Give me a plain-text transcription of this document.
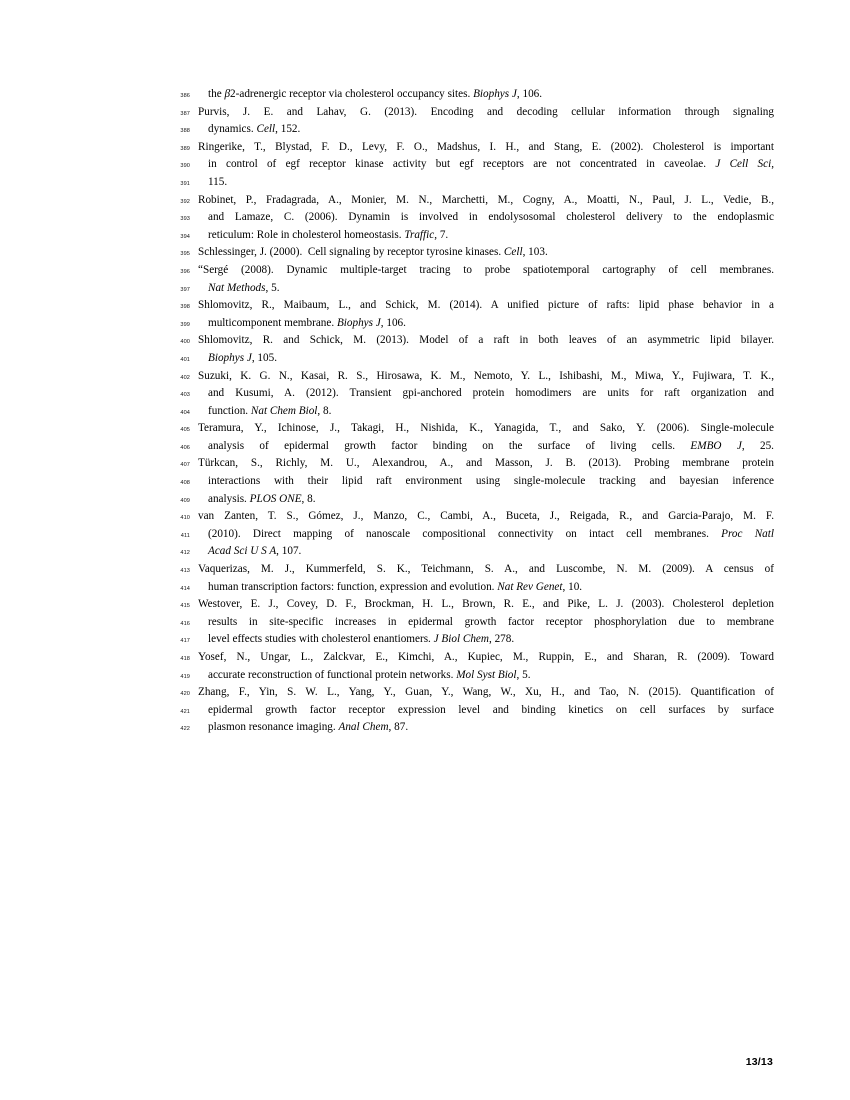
386	the β2-adrenergic receptor via cholesterol occupancy sites. Biophys J, 106.
387 Purvis, J. E. and Lahav, G. (2013). Encoding and decoding cellular information through signaling
388	dynamics. Cell, 152.
389 Ringerike, T., Blystad, F. D., Levy, F. O., Madshus, I. H., and Stang, E. (2002). Cholesterol is important
390	in control of egf receptor kinase activity but egf receptors are not concentrated in caveolae. J Cell Sci,
391	115.
392 Robinet, P., Fradagrada, A., Monier, M. N., Marchetti, M., Cogny, A., Moatti, N., Paul, J. L., Vedie, B.,
393	and Lamaze, C. (2006). Dynamin is involved in endolysosomal cholesterol delivery to the endoplasmic
394	reticulum: Role in cholesterol homeostasis. Traffic, 7.
395 Schlessinger, J. (2000).  Cell signaling by receptor tyrosine kinases. Cell, 103.
396 “Sergé (2008). Dynamic multiple-target tracing to probe spatiotemporal cartography of cell membranes.
397	Nat Methods, 5.
398 Shlomovitz, R., Maibaum, L., and Schick, M. (2014). A unified picture of rafts: lipid phase behavior in a
399	multicomponent membrane. Biophys J, 106.
400 Shlomovitz, R. and Schick, M. (2013). Model of a raft in both leaves of an asymmetric lipid bilayer.
401	Biophys J, 105.
402 Suzuki, K. G. N., Kasai, R. S., Hirosawa, K. M., Nemoto, Y. L., Ishibashi, M., Miwa, Y., Fujiwara, T. K.,
403	and Kusumi, A. (2012). Transient gpi-anchored protein homodimers are units for raft organization and
404	function. Nat Chem Biol, 8.
405 Teramura, Y., Ichinose, J., Takagi, H., Nishida, K., Yanagida, T., and Sako, Y. (2006). Single-molecule
406	analysis of epidermal growth factor binding on the surface of living cells. EMBO J, 25.
407 Türkcan, S., Richly, M. U., Alexandrou, A., and Masson, J. B. (2013). Probing membrane protein
408	interactions with their lipid raft environment using single-molecule tracking and bayesian inference
409	analysis. PLOS ONE, 8.
410 van Zanten, T. S., Gómez, J., Manzo, C., Cambi, A., Buceta, J., Reigada, R., and Garcia-Parajo, M. F.
411	(2010). Direct mapping of nanoscale compositional connectivity on intact cell membranes. Proc Natl
412	Acad Sci U S A, 107.
413 Vaquerizas, M. J., Kummerfeld, S. K., Teichmann, S. A., and Luscombe, N. M. (2009). A census of
414	human transcription factors: function, expression and evolution. Nat Rev Genet, 10.
415 Westover, E. J., Covey, D. F., Brockman, H. L., Brown, R. E., and Pike, L. J. (2003). Cholesterol depletion
416	results in site-specific increases in epidermal growth factor receptor phosphorylation due to membrane
417	level effects studies with cholesterol enantiomers. J Biol Chem, 278.
418 Yosef, N., Ungar, L., Zalckvar, E., Kimchi, A., Kupiec, M., Ruppin, E., and Sharan, R. (2009). Toward
419	accurate reconstruction of functional protein networks. Mol Syst Biol, 5.
420 Zhang, F., Yin, S. W. L., Yang, Y., Guan, Y., Wang, W., Xu, H., and Tao, N. (2015). Quantification of
421	epidermal growth factor receptor expression level and binding kinetics on cell surfaces by surface
422	plasmon resonance imaging. Anal Chem, 87.
13/13
